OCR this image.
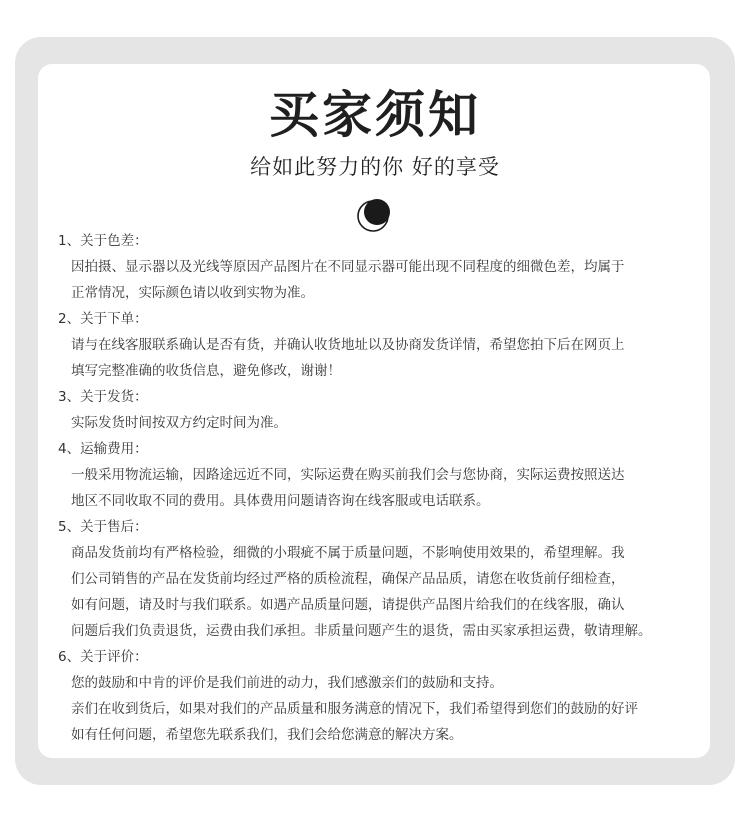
买家须知
给如此努力的你 好的享受
1、关于色差：
因拍摄、显示器以及光线等原因产品图片在不同显示器可能出现不同程度的细微色差，均属于
正常情况，实际颜色请以收到实物为准。
2、关于下单：
请与在线客服联系确认是否有货，并确认收货地址以及协商发货详情，希望您拍下后在网页上
填写完整准确的收货信息，避免修改，谢谢！
3、关于发货：
实际发货时间按双方约定时间为准。
4、运输费用：
一般采用物流运输，因路途远近不同，实际运费在购买前我们会与您协商，实际运费按照送达
地区不同收取不同的费用。具体费用问题请咨询在线客服或电话联系。
5、关于售后：
商品发货前均有严格检验，细微的小瑕疵不属于质量问题，不影响使用效果的，希望理解。我
们公司销售的产品在发货前均经过严格的质检流程，确保产品品质，请您在收货前仔细检查，
如有问题，请及时与我们联系。如遇产品质量问题，请提供产品图片给我们的在线客服，确认
问题后我们负责退货，运费由我们承担。非质量问题产生的退货，需由买家承担运费，敬请理解。
6、关于评价：
您的鼓励和中肯的评价是我们前进的动力，我们感激亲们的鼓励和支持。
亲们在收到货后，如果对我们的产品质量和服务满意的情况下，我们希望得到您们的鼓励的好评
如有任何问题，希望您先联系我们，我们会给您满意的解决方案。
